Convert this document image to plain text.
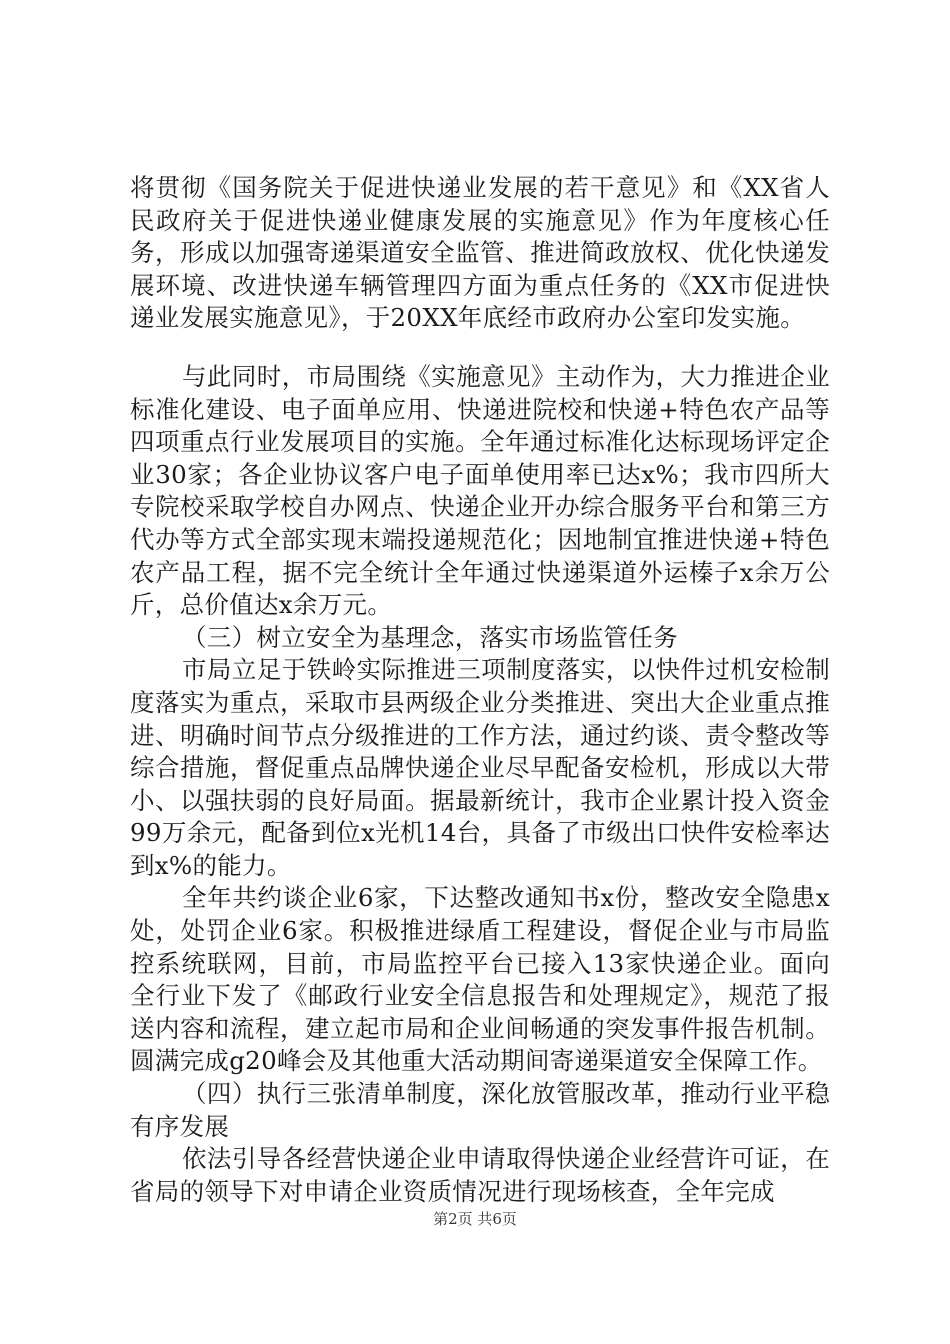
将贯彻《国务院关于促进快递业发展的若干意见》和《XX省人民政府关于促进快递业健康发展的实施意见》作为年度核心任务，形成以加强寄递渠道安全监管、推进简政放权、优化快递发展环境、改进快递车辆管理四方面为重点任务的《XX市促进快递业发展实施意见》，于20XX年底经市政府办公室印发实施。

与此同时，市局围绕《实施意见》主动作为，大力推进企业标准化建设、电子面单应用、快递进院校和快递+特色农产品等四项重点行业发展项目的实施。全年通过标准化达标现场评定企业30家；各企业协议客户电子面单使用率已达x%；我市四所大专院校采取学校自办网点、快递企业开办综合服务平台和第三方代办等方式全部实现末端投递规范化；因地制宜推进快递+特色农产品工程，据不完全统计全年通过快递渠道外运榛子x余万公斤，总价值达x余万元。

（三）树立安全为基理念，落实市场监管任务

市局立足于铁岭实际推进三项制度落实，以快件过机安检制度落实为重点，采取市县两级企业分类推进、突出大企业重点推进、明确时间节点分级推进的工作方法，通过约谈、责令整改等综合措施，督促重点品牌快递企业尽早配备安检机，形成以大带小、以强扶弱的良好局面。据最新统计，我市企业累计投入资金99万余元，配备到位x光机14台，具备了市级出口快件安检率达到x%的能力。

全年共约谈企业6家，下达整改通知书x份，整改安全隐患x处，处罚企业6家。积极推进绿盾工程建设，督促企业与市局监控系统联网，目前，市局监控平台已接入13家快递企业。面向全行业下发了《邮政行业安全信息报告和处理规定》，规范了报送内容和流程，建立起市局和企业间畅通的突发事件报告机制。圆满完成g20峰会及其他重大活动期间寄递渠道安全保障工作。

（四）执行三张清单制度，深化放管服改革，推动行业平稳有序发展

依法引导各经营快递企业申请取得快递企业经营许可证，在省局的领导下对申请企业资质情况进行现场核查，全年完成

第2页 共6页
